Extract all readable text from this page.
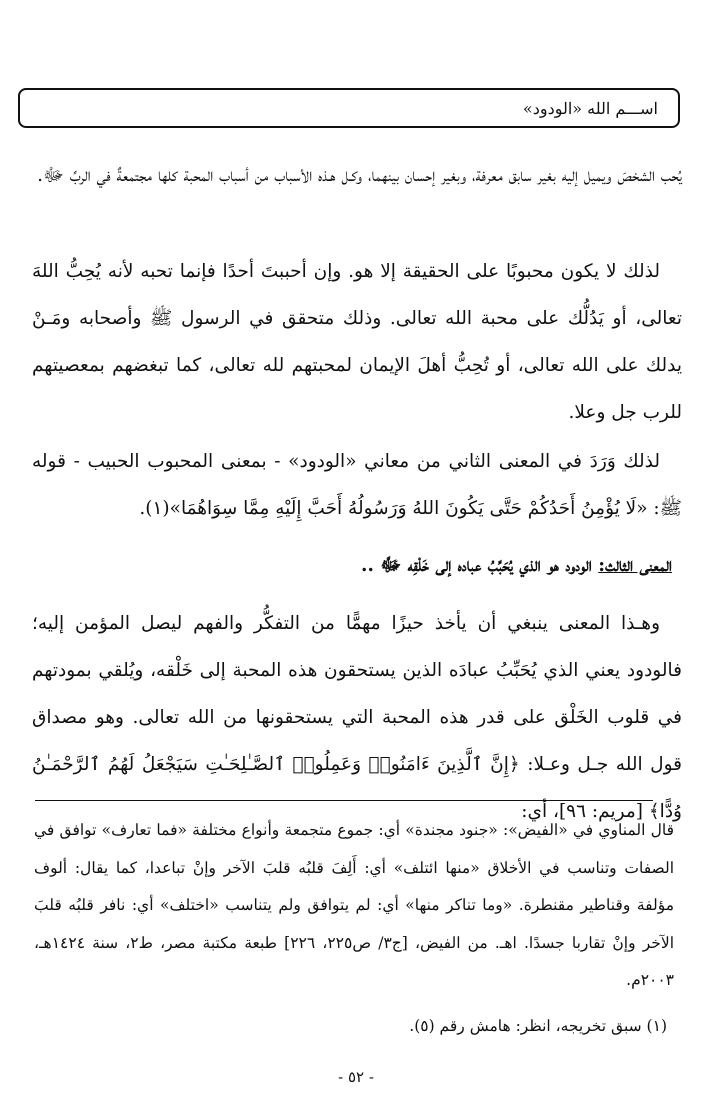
اســـم الله «الودود»
يُحب الشخصَ ويميل إليه بغير سابق معرفة، وبغير إحسان بينهما، وكـل هـذه الأسباب من أسباب المحبة كلها مجتمعةٌ في الربِّ ﷻ.
لذلك لا يكون محبوبًا على الحقيقة إلا هو. وإن أحببتَ أحدًا فإنما تحبه لأنه يُحِبُّ اللهَ تعالى، أو يَدُلُّك على محبة الله تعالى. وذلك متحقق في الرسول ﷺ وأصحابه ومَـنْ يدلك على الله تعالى، أو تُحِبُّ أهلَ الإيمان لمحبتهم لله تعالى، كما تبغضهم بمعصيتهم للرب جل وعلا.
لذلك وَرَدَ في المعنى الثاني من معاني «الودود» - بمعنى المحبوب الحبيب - قوله ﷺ: «لَا يُؤْمِنُ أَحَدُكُمْ حَتَّى يَكُونَ اللهُ وَرَسُولُهُ أَحَبَّ إِلَيْهِ مِمَّا سِوَاهُمَا»(١).
المعنى الثالث: الودود هو الذي يُحَبِّبُ عباده إلى خَلْقِه ﷻ ..
وهـذا المعنى ينبغي أن يأخذ حيزًا مهمًّا من التفكُّر والفهم ليصل المؤمن إليه؛ فالودود يعني الذي يُحَبِّبُ عبادَه الذين يستحقون هذه المحبة إلى خَلْقه، ويُلقي بمودتهم في قلوب الخَلْق على قدر هذه المحبة التي يستحقونها من الله تعالى. وهو مصداق قول الله جـل وعـلا: ﴿إِنَّ ٱلَّذِينَ ءَامَنُوا۟ وَعَمِلُوا۟ ٱلصَّـٰلِحَـٰتِ سَيَجْعَلُ لَهُمُ ٱلرَّحْمَـٰنُ وُدًّا﴾ [مريم: ٩٦]، أي:
قال المناوي في «الفيض»: «جنود مجندة» أي: جموع متجمعة وأنواع مختلفة «فما تعارف» توافق في الصفات وتناسب في الأخلاق «منها ائتلف» أي: أَلِفَ قلبُه قلبَ الآخر وإنْ تباعدا، كما يقال: ألوف مؤلفة وقناطير مقنطرة. «وما تناكر منها» أي: لم يتوافق ولم يتناسب «اختلف» أي: نافر قلبُه قلبَ الآخر وإنْ تقاربا جسدًا. اهـ. من الفيض، [ج٣/ ص٢٢٥، ٢٢٦] طبعة مكتبة مصر، ط٢، سنة ١٤٢٤هـ، ٢٠٠٣م.
(١) سبق تخريجه، انظر: هامش رقم (٥).
- ٥٢ -
